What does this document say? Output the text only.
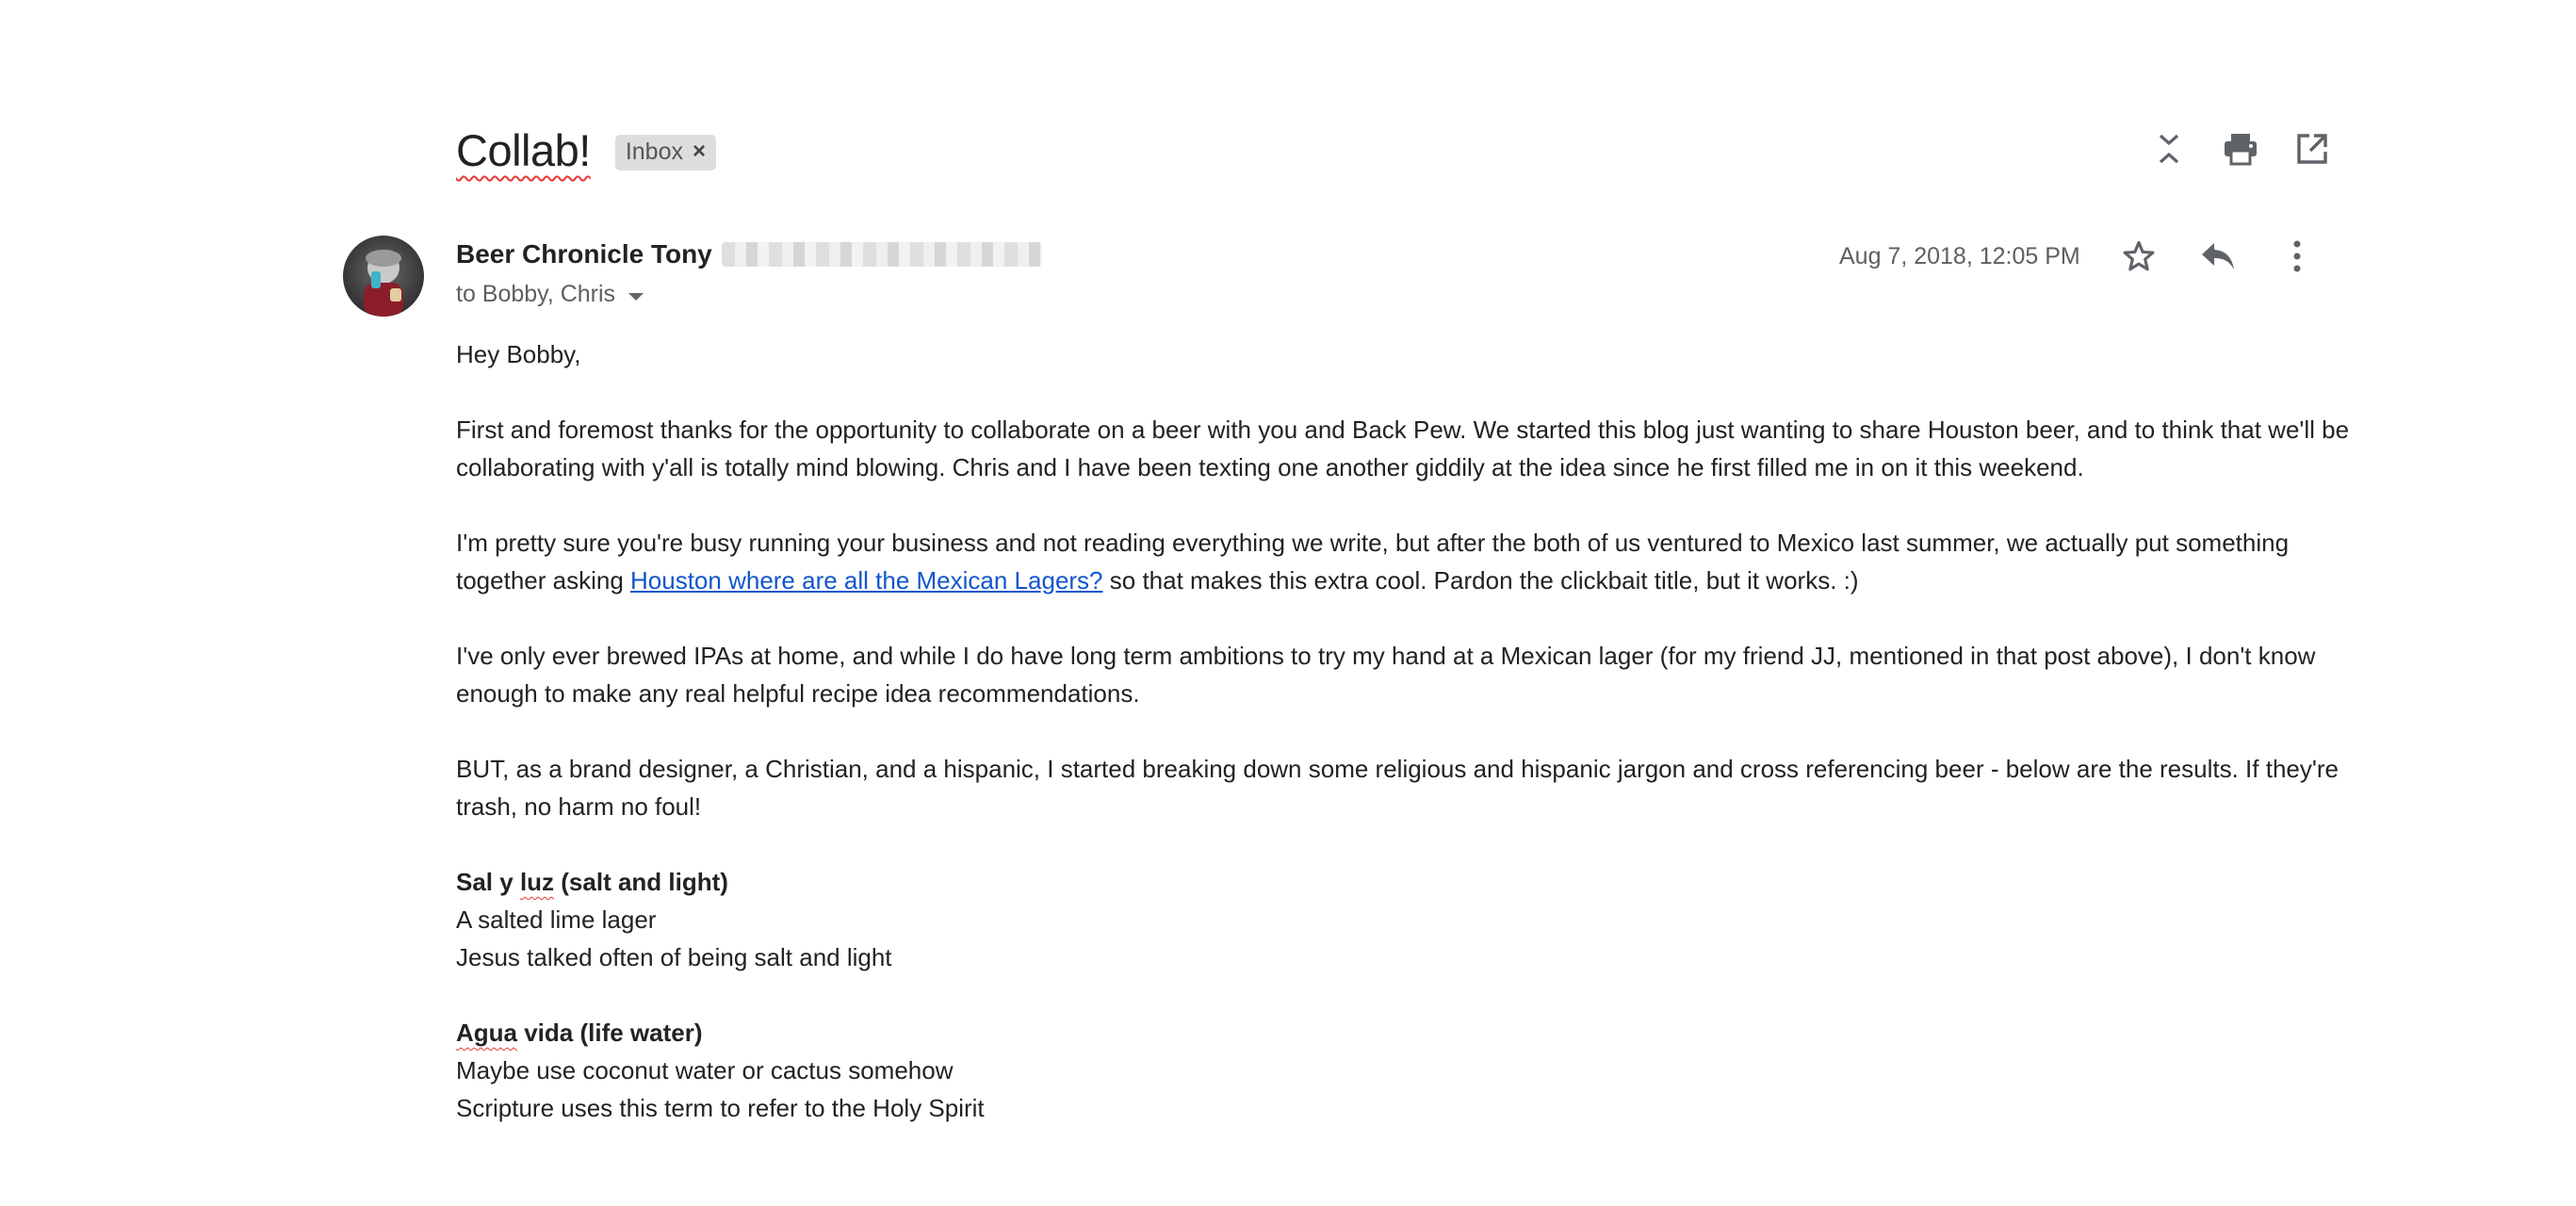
Collab! Inbox ×
Beer Chronicle Tony
to Bobby, Chris
Aug 7, 2018, 12:05 PM

Hey Bobby,

First and foremost thanks for the opportunity to collaborate on a beer with you and Back Pew. We started this blog just wanting to share Houston beer, and to think that we'll be collaborating with y'all is totally mind blowing. Chris and I have been texting one another giddily at the idea since he first filled me in on it this weekend.

I'm pretty sure you're busy running your business and not reading everything we write, but after the both of us ventured to Mexico last summer, we actually put something together asking Houston where are all the Mexican Lagers? so that makes this extra cool. Pardon the clickbait title, but it works. :)

I've only ever brewed IPAs at home, and while I do have long term ambitions to try my hand at a Mexican lager (for my friend JJ, mentioned in that post above), I don't know enough to make any real helpful recipe idea recommendations.

BUT, as a brand designer, a Christian, and a hispanic, I started breaking down some religious and hispanic jargon and cross referencing beer - below are the results. If they're trash, no harm no foul!

Sal y luz (salt and light)
A salted lime lager
Jesus talked often of being salt and light

Agua vida (life water)
Maybe use coconut water or cactus somehow
Scripture uses this term to refer to the Holy Spirit
